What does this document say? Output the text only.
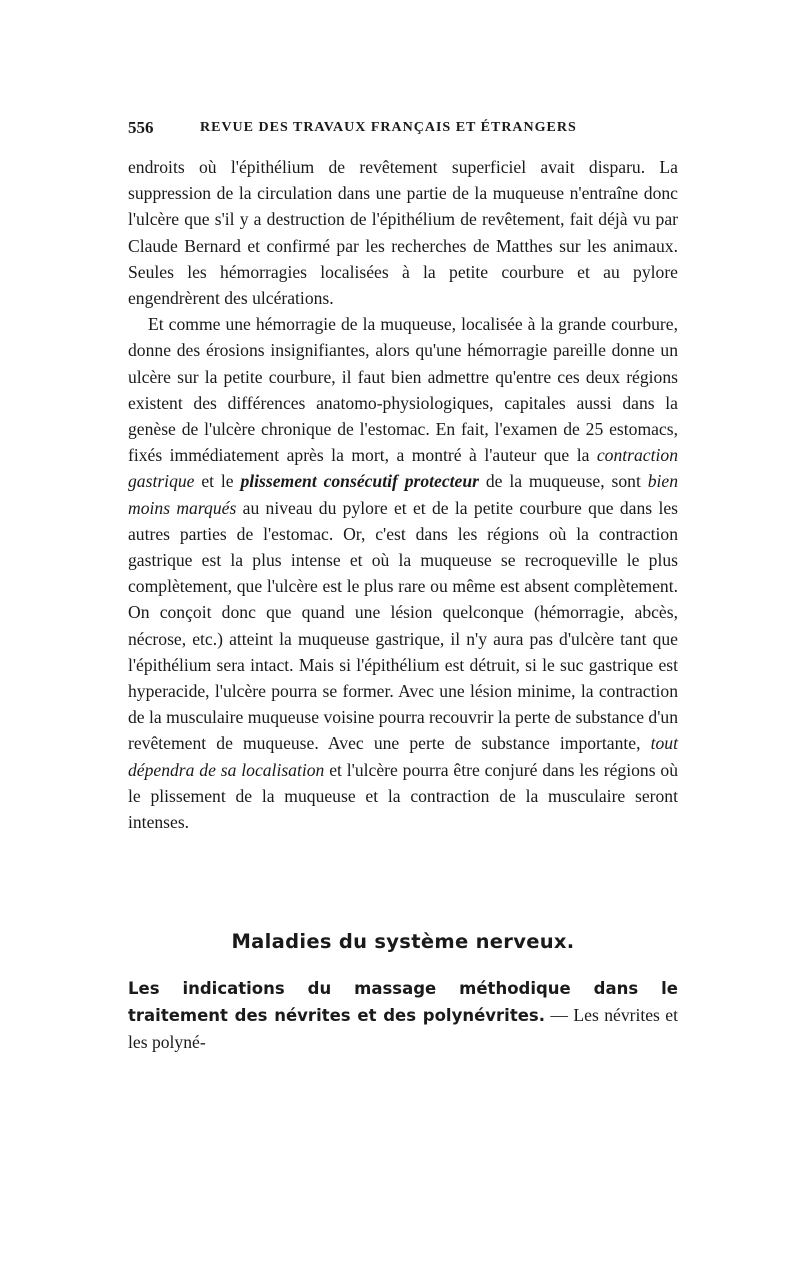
556	REVUE DES TRAVAUX FRANÇAIS ET ÉTRANGERS

endroits où l'épithélium de revêtement superficiel avait disparu. La suppression de la circulation dans une partie de la muqueuse n'entraîne donc l'ulcère que s'il y a destruction de l'épithélium de revêtement, fait déjà vu par Claude Bernard et confirmé par les recherches de Matthes sur les animaux. Seules les hémorragies localisées à la petite courbure et au pylore engendrèrent des ulcérations.

Et comme une hémorragie de la muqueuse, localisée à la grande courbure, donne des érosions insignifiantes, alors qu'une hémorragie pareille donne un ulcère sur la petite courbure, il faut bien admettre qu'entre ces deux régions existent des différences anatomo-physiologiques, capitales aussi dans la genèse de l'ulcère chronique de l'estomac. En fait, l'examen de 25 estomacs, fixés immédiatement après la mort, a montré à l'auteur que la contraction gastrique et le plissement consécutif protecteur de la muqueuse, sont bien moins marqués au niveau du pylore et et de la petite courbure que dans les autres parties de l'estomac. Or, c'est dans les régions où la contraction gastrique est la plus intense et où la muqueuse se recroqueville le plus complètement, que l'ulcère est le plus rare ou même est absent complètement. On conçoit donc que quand une lésion quelconque (hémorragie, abcès, nécrose, etc.) atteint la muqueuse gastrique, il n'y aura pas d'ulcère tant que l'épithélium sera intact. Mais si l'épithélium est détruit, si le suc gastrique est hyperacide, l'ulcère pourra se former. Avec une lésion minime, la contraction de la musculaire muqueuse voisine pourra recouvrir la perte de substance d'un revêtement de muqueuse. Avec une perte de substance importante, tout dépendra de sa localisation et l'ulcère pourra être conjuré dans les régions où le plissement de la muqueuse et la contraction de la musculaire seront intenses.

Maladies du système nerveux.
Les indications du massage méthodique dans le traitement des névrites et des polynévrites. — Les névrites et les polyné-
